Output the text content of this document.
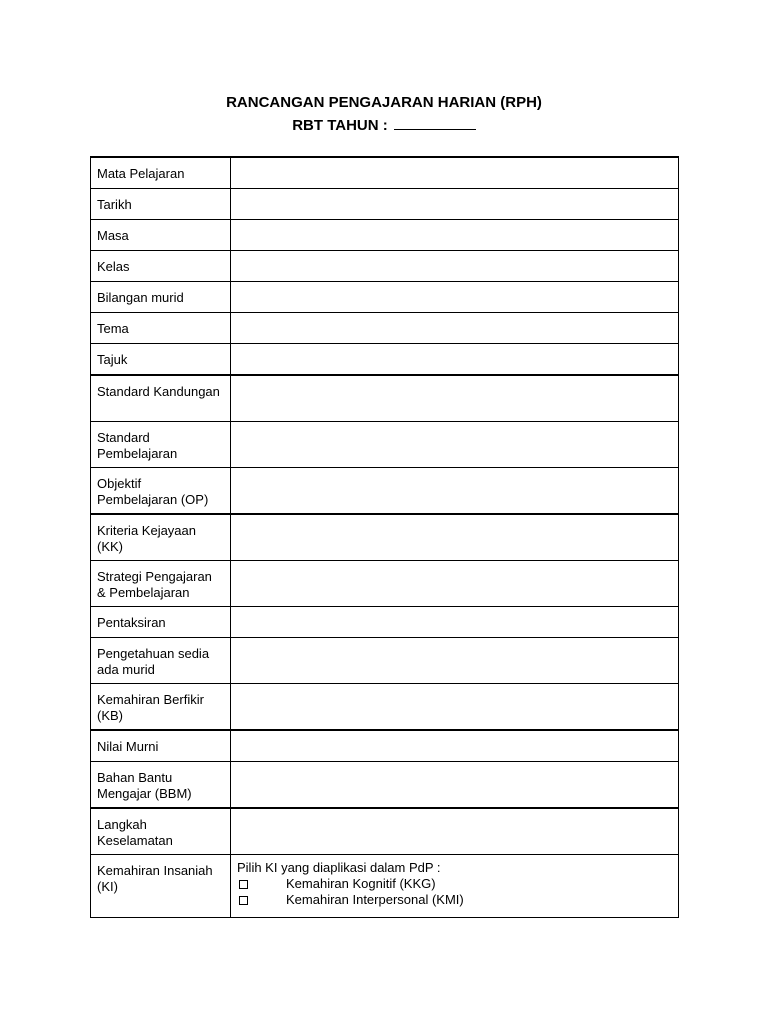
RANCANGAN PENGAJARAN HARIAN (RPH)
RBT TAHUN :
Mata Pelajaran	

Tarikh	

Masa	

Kelas	

Bilangan murid	

Tema	

Tajuk	

Standard Kandungan	

Standard Pembelajaran	

Objektif Pembelajaran (OP)	

Kriteria Kejayaan (KK)	

Strategi Pengajaran & Pembelajaran	

Pentaksiran	

Pengetahuan sedia ada murid	

Kemahiran Berfikir (KB)	

Nilai Murni	

Bahan Bantu Mengajar (BBM)	

Langkah Keselamatan	

Kemahiran Insaniah (KI)	Pilih KI yang diaplikasi dalam PdP :
Kemahiran Kognitif (KKG)
Kemahiran Interpersonal (KMI)
